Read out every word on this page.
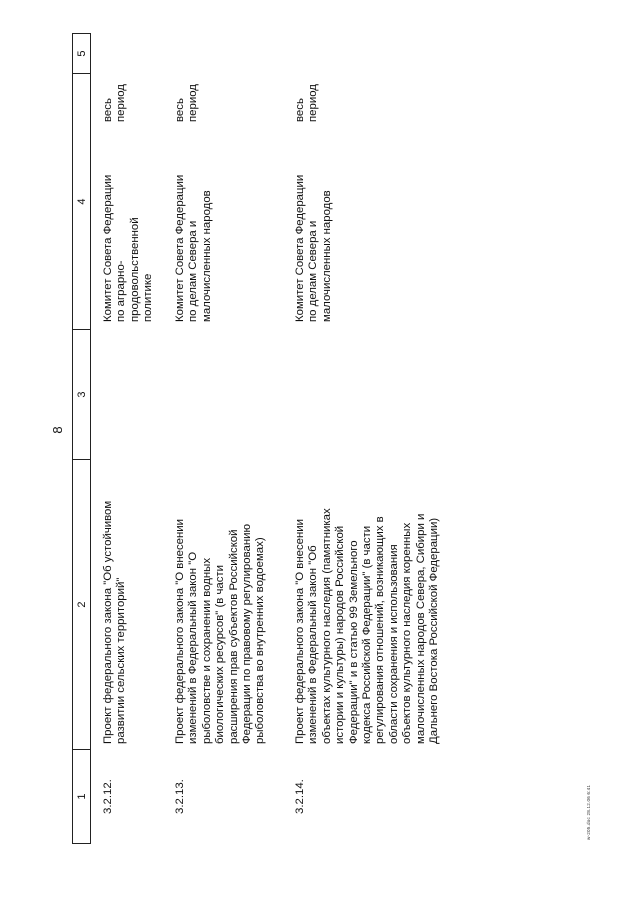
8
1
2
3
4
5
3.2.12.
Проект федерального закона "Об устойчивом
развитии сельских территорий"
Комитет Совета Федерации
по аграрно-
продовольственной
политике
весь
период
3.2.13.
Проект федерального закона "О внесении
изменений в Федеральный закон "О
рыболовстве и сохранении водных
биологических ресурсов" (в части
расширения прав субъектов Российской
Федерации по правовому регулированию
рыболовства во внутренних водоемах)
Комитет Совета Федерации
по делам Севера и
малочисленных народов
весь
период
3.2.14.
Проект федерального закона "О внесении
изменений в Федеральный закон "Об
объектах культурного наследия (памятниках
истории и культуры) народов Российской
Федерации" и в статью 99 Земельного
кодекса Российской Федерации" (в части
регулирования отношений, возникающих в
области сохранения и использования
объектов культурного наследия коренных
малочисленных народов Севера, Сибири и
Дальнего Востока Российской Федерации)
Комитет Совета Федерации
по делам Севера и
малочисленных народов
весь
период
w-205.doc 28.12.06 6:41
